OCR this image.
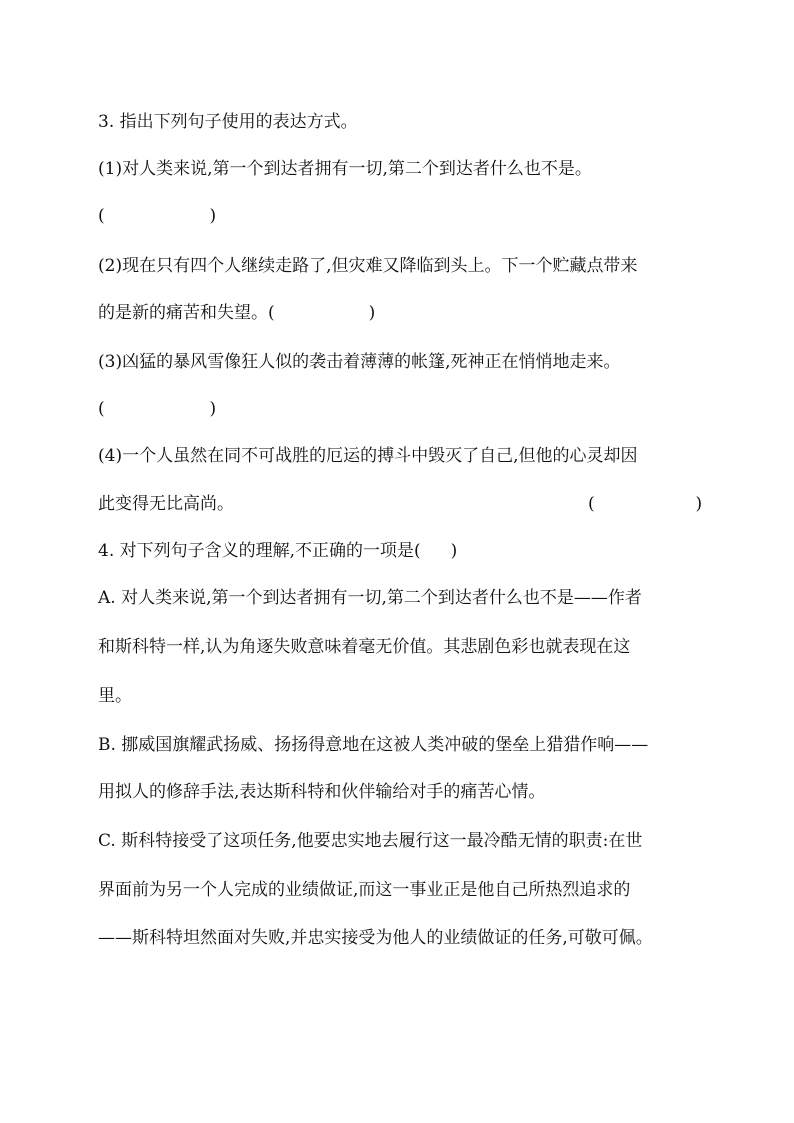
3. 指出下列句子使用的表达方式。
(1)对人类来说,第一个到达者拥有一切,第二个到达者什么也不是。
(	)
(2)现在只有四个人继续走路了,但灾难又降临到头上。下一个贮藏点带来
的是新的痛苦和失望。(	)
(3)凶猛的暴风雪像狂人似的袭击着薄薄的帐篷,死神正在悄悄地走来。
(	)
(4)一个人虽然在同不可战胜的厄运的搏斗中毁灭了自己,但他的心灵却因
此变得无比高尚。	(	)
4. 对下列句子含义的理解,不正确的一项是( )
A. 对人类来说,第一个到达者拥有一切,第二个到达者什么也不是——作者
和斯科特一样,认为角逐失败意味着毫无价值。其悲剧色彩也就表现在这
里。
B. 挪威国旗耀武扬威、扬扬得意地在这被人类冲破的堡垒上猎猎作响——
用拟人的修辞手法,表达斯科特和伙伴输给对手的痛苦心情。
C. 斯科特接受了这项任务,他要忠实地去履行这一最冷酷无情的职责:在世
界面前为另一个人完成的业绩做证,而这一事业正是他自己所热烈追求的
——斯科特坦然面对失败,并忠实接受为他人的业绩做证的任务,可敬可佩。
